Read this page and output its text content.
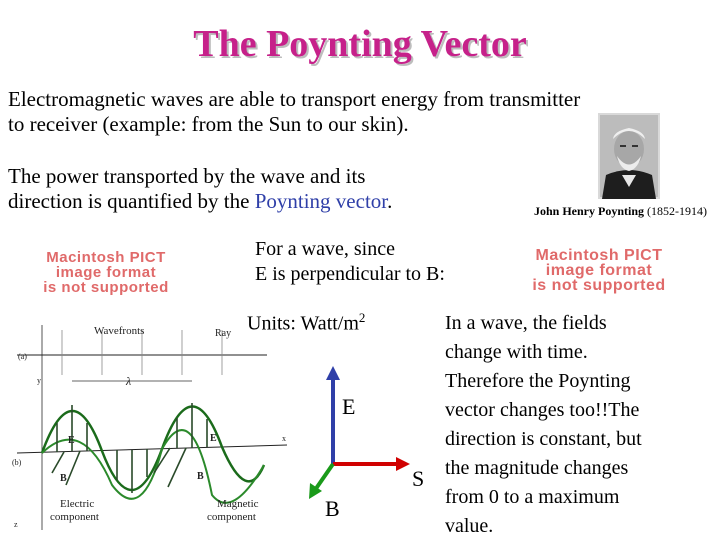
The Poynting Vector
Electromagnetic waves are able to transport energy from transmitter
to receiver (example: from the Sun to our skin).
The power transported by the wave and its
direction is quantified by the Poynting vector.	John Henry Poynting (1852-1914)
Macintosh PICT
image format
is not supported
Macintosh PICT
image format
is not supported
For a wave, since
E is perpendicular to B:
Units: Watt/$m^2$
Wavefronts	Ray
λ
(a)
(b)
y
z
x
E	E
B	B
Electric
component
Magnetic
component
E
S
B
In a wave, the fields
change with time.
Therefore the Poynting
vector changes too!!The
direction is constant, but
the magnitude changes
from 0 to a maximum
value.
